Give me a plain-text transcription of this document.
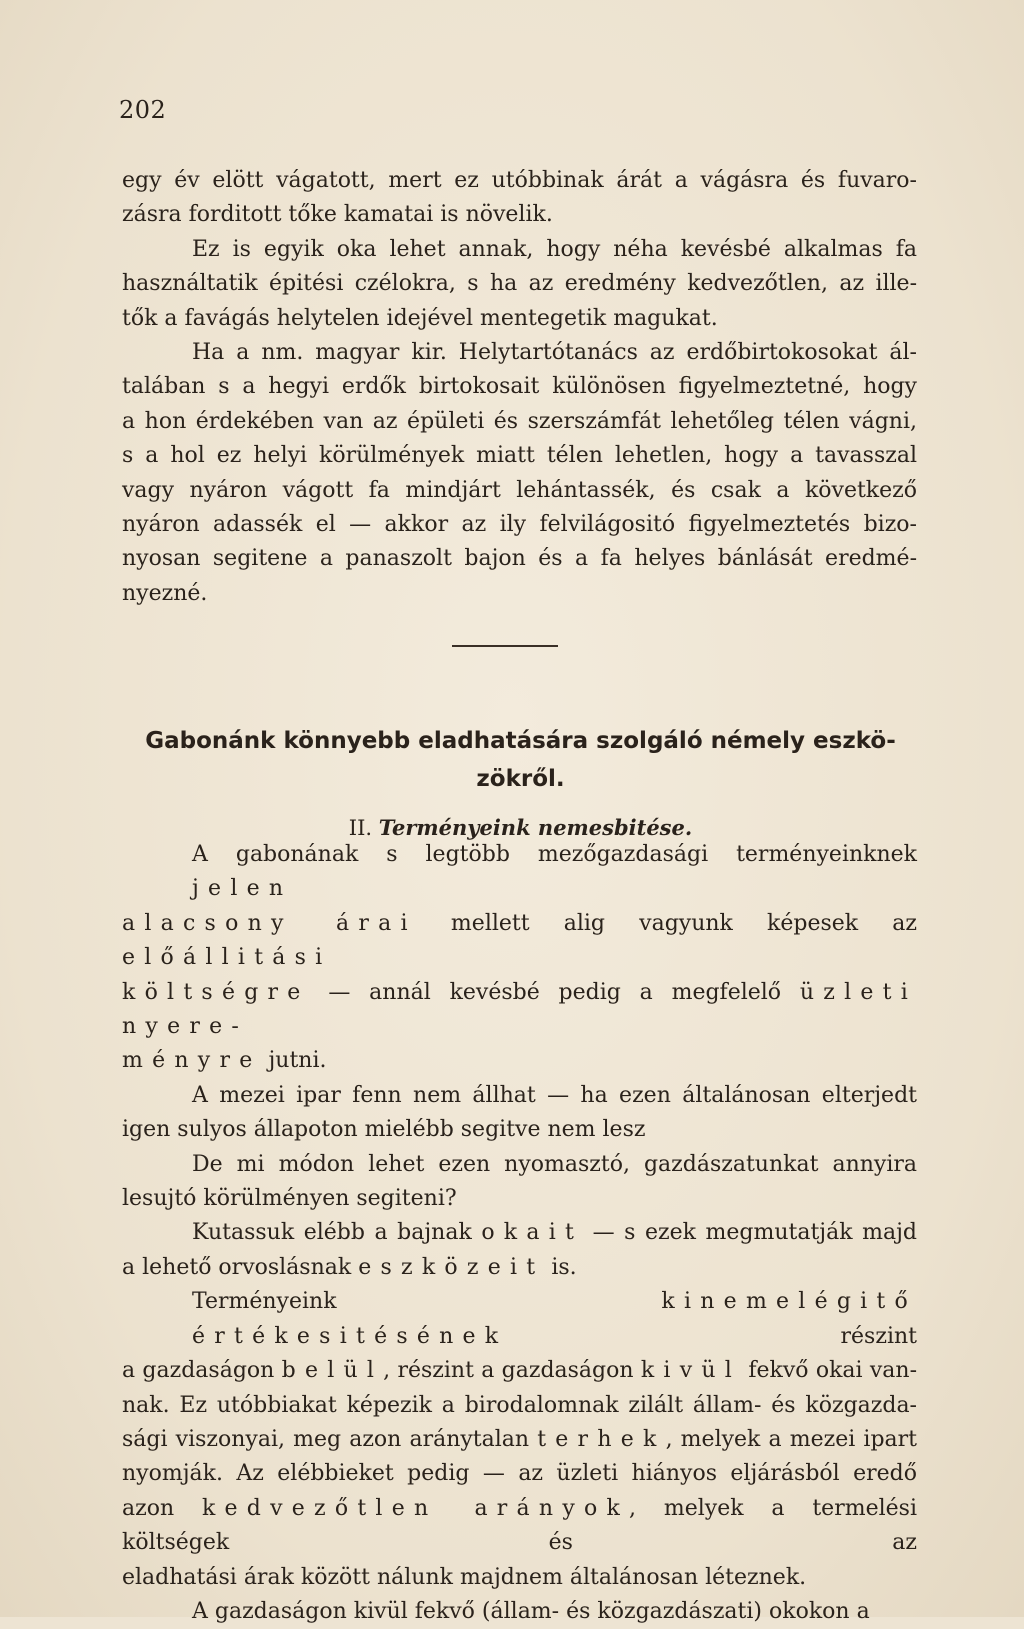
202

egy év elött vágatott, mert ez utóbbinak árát a vágásra és fuvaro-
zásra forditott tőke kamatai is növelik.

Ez is egyik oka lehet annak, hogy néha kevésbé alkalmas fa
használtatik épitési czélokra, s ha az eredmény kedvezőtlen, az ille-
tők a favágás helytelen idejével mentegetik magukat.

Ha a nm. magyar kir. Helytartótanács az erdőbirtokosokat ál-
talában s a hegyi erdők birtokosait különösen figyelmeztetné, hogy
a hon érdekében van az épületi és szerszámfát lehetőleg télen vágni,
s a hol ez helyi körülmények miatt télen lehetlen, hogy a tavasszal
vagy nyáron vágott fa mindjárt lehántassék, és csak a következő
nyáron adassék el — akkor az ily felvilágositó figyelmeztetés bizo-
nyosan segitene a panaszolt bajon és a fa helyes bánlását eredmé-
nyezné.

Gabonánk könnyebb eladhatására szolgáló némely eszkö-
zökről.
II. Terményeink nemesbitése.

A gabonának s legtöbb mezőgazdasági terményeinknek jelen
alacsony árai mellett alig vagyunk képesek az előállitási
költségre — annál kevésbé pedig a megfelelő üzleti nyere-
ményre jutni.

A mezei ipar fenn nem állhat — ha ezen általánosan elterjedt
igen sulyos állapoton mielébb segitve nem lesz

De mi módon lehet ezen nyomasztó, gazdászatunkat annyira
lesujtó körülményen segiteni?

Kutassuk elébb a bajnak okait — s ezek megmutatják majd
a lehető orvoslásnak eszközeit is.

Terményeink kinemelégitő értékesitésének részint
a gazdaságon belül, részint a gazdaságon kivül fekvő okai van-
nak. Ez utóbbiakat képezik a birodalomnak zilált állam- és közgazda-
sági viszonyai, meg azon aránytalan terhek, melyek a mezei ipart
nyomják. Az elébbieket pedig — az üzleti hiányos eljárásból eredő
azon kedvezőtlen arányok, melyek a termelési költségek és az
eladhatási árak között nálunk majdnem általánosan léteznek.

A gazdaságon kivül fekvő (állam- és közgazdászati) okokon a
